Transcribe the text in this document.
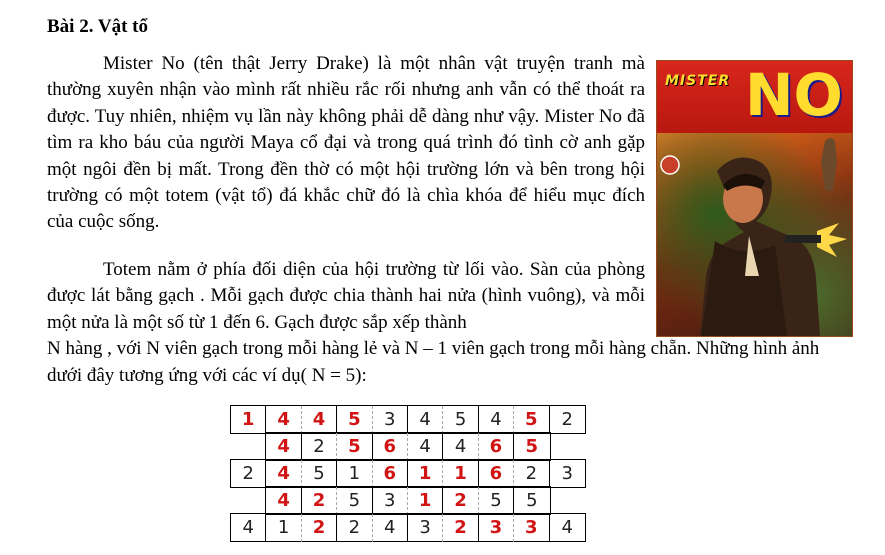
Bài 2. Vật tổ

Mister No (tên thật Jerry Drake) là một nhân vật truyện tranh mà thường xuyên nhận vào mình rất nhiều rắc rối nhưng anh vẫn có thể thoát ra được. Tuy nhiên, nhiệm vụ lần này không phải dễ dàng như vậy. Mister No đã tìm ra kho báu của người Maya cổ đại và trong quá trình đó tình cờ anh gặp một ngôi đền bị mất. Trong đền thờ có một hội trường lớn và bên trong hội trường có một totem (vật tổ) đá khắc chữ đó là chìa khóa để hiểu mục đích của cuộc sống.

Totem nằm ở phía đối diện của hội trường từ lối vào. Sàn của phòng được lát bằng gạch . Mỗi gạch được chia thành hai nửa (hình vuông), và mỗi một nửa là một số từ 1 đến 6. Gạch được sắp xếp thành
N hàng , với N viên gạch trong mỗi hàng lẻ và N – 1 viên gạch trong mỗi hàng chẵn. Những hình ảnh dưới đây tương ứng với các ví dụ( N = 5):

MISTER NO
1	4	4	5	3	4	5	4	5	2
4	2	5	6	4	4	6	5
2	4	5	1	6	1	1	6	2	3
4	2	5	3	1	2	5	5
4	1	2	2	4	3	2	3	3	4
